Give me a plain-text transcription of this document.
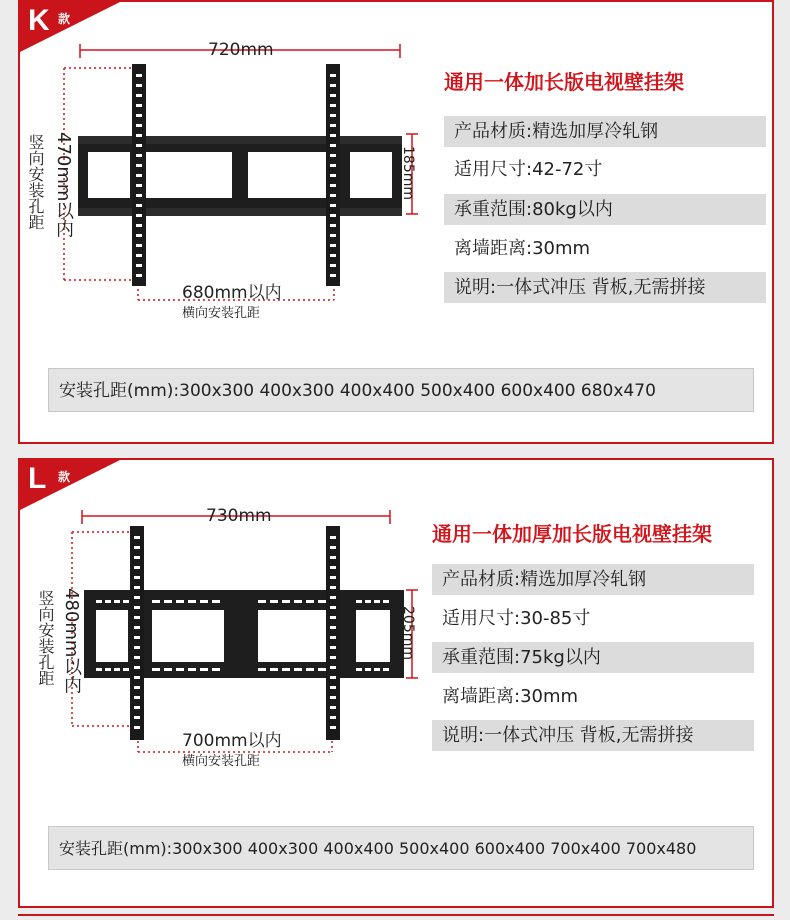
K 款
720mm
竖向安装孔距 470mm以内	185mm
680mm以内
横向安装孔距
通用一体加长版电视壁挂架
产品材质:精选加厚冷轧钢
适用尺寸:42-72寸
承重范围:80kg以内
离墙距离:30mm
说明:一体式冲压 背板,无需拼接
安装孔距(mm):300x300 400x300 400x400 500x400 600x400 680x470
L 款
730mm
竖向安装孔距 480mm以内	205mm
700mm以内
横向安装孔距
通用一体加厚加长版电视壁挂架
产品材质:精选加厚冷轧钢
适用尺寸:30-85寸
承重范围:75kg以内
离墙距离:30mm
说明:一体式冲压 背板,无需拼接
安装孔距(mm):300x300 400x300 400x400 500x400 600x400 700x400 700x480
